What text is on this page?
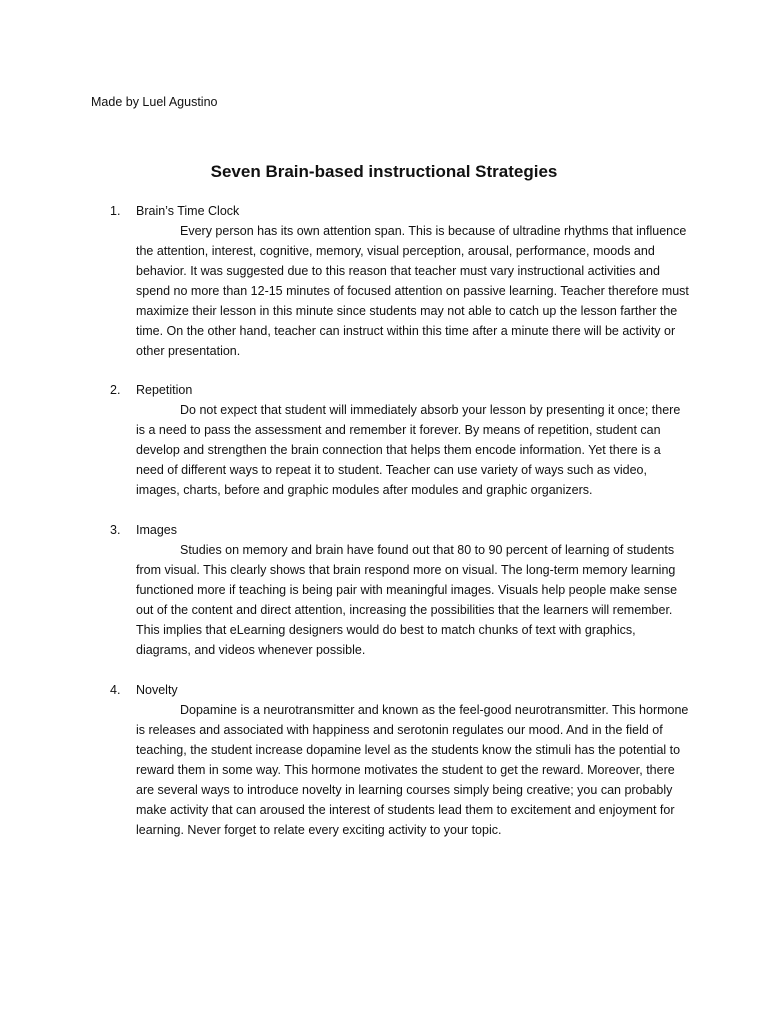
Made by Luel Agustino
Seven Brain-based instructional Strategies
1. Brain’s Time Clock
Every person has its own attention span. This is because of ultradine rhythms that influence the attention, interest, cognitive, memory, visual perception, arousal, performance, moods and behavior. It was suggested due to this reason that teacher must vary instructional activities and spend no more than 12-15 minutes of focused attention on passive learning. Teacher therefore must maximize their lesson in this minute since students may not able to catch up the lesson farther the time. On the other hand, teacher can instruct within this time after a minute there will be activity or other presentation.
2. Repetition
Do not expect that student will immediately absorb your lesson by presenting it once; there is a need to pass the assessment and remember it forever. By means of repetition, student can develop and strengthen the brain connection that helps them encode information. Yet there is a need of different ways to repeat it to student. Teacher can use variety of ways such as video, images, charts, before and graphic modules after modules and graphic organizers.
3. Images
Studies on memory and brain have found out that 80 to 90 percent of learning of students from visual. This clearly shows that brain respond more on visual. The long-term memory learning functioned more if teaching is being pair with meaningful images. Visuals help people make sense out of the content and direct attention, increasing the possibilities that the learners will remember. This implies that eLearning designers would do best to match chunks of text with graphics, diagrams, and videos whenever possible.
4. Novelty
Dopamine is a neurotransmitter and known as the feel-good neurotransmitter. This hormone is releases and associated with happiness and serotonin regulates our mood. And in the field of teaching, the student increase dopamine level as the students know the stimuli has the potential to reward them in some way. This hormone motivates the student to get the reward. Moreover, there are several ways to introduce novelty in learning courses simply being creative; you can probably make activity that can aroused the interest of students lead them to excitement and enjoyment for learning. Never forget to relate every exciting activity to your topic.
